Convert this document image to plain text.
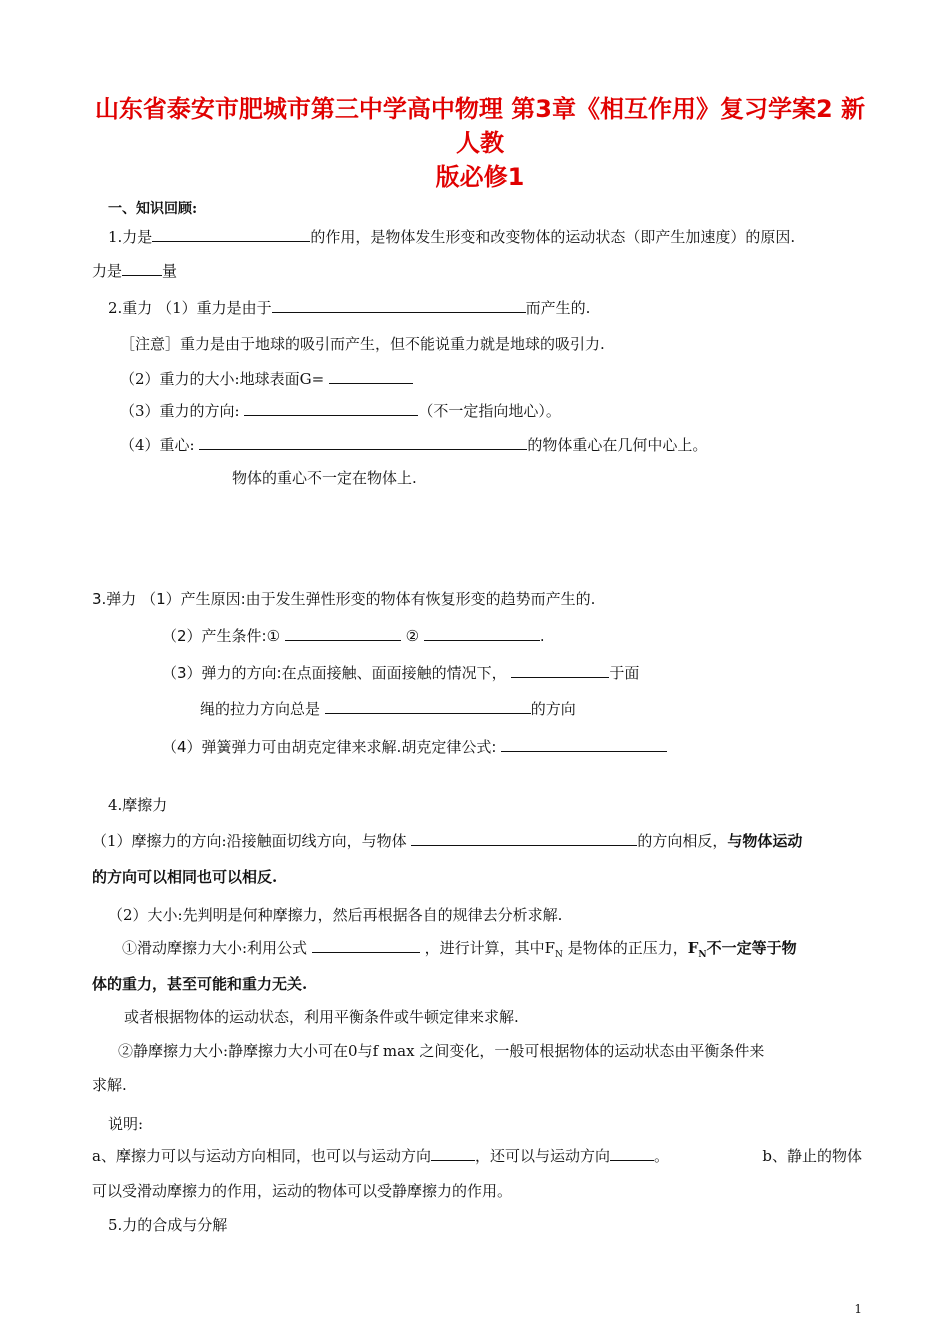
山东省泰安市肥城市第三中学高中物理 第3章《相互作用》复习学案2 新人教
版必修1
一、知识回顾:
1.力是	的作用，是物体发生形变和改变物体的运动状态（即产生加速度）的原因.
力是	量
2.重力 （1）重力是由于	而产生的.
［注意］重力是由于地球的吸引而产生，但不能说重力就是地球的吸引力.
（2）重力的大小:地球表面G=
（3）重力的方向:	（不一定指向地心）。
（4）重心:	的物体重心在几何中心上。
物体的重心不一定在物体上.
3.弹力 （1）产生原因:由于发生弹性形变的物体有恢复形变的趋势而产生的.
（2）产生条件:①	②	.
（3）弹力的方向:在点面接触、面面接触的情况下，	于面
绳的拉力方向总是	的方向
（4）弹簧弹力可由胡克定律来求解.胡克定律公式:
4.摩擦力
（1）摩擦力的方向:沿接触面切线方向，与物体	的方向相反，与物体运动
的方向可以相同也可以相反.
（2）大小:先判明是何种摩擦力，然后再根据各自的规律去分析求解.
①滑动摩擦力大小:利用公式	，进行计算，其中$F_N$ 是物体的正压力，$F_N$不一定等于物
体的重力，甚至可能和重力无关.
或者根据物体的运动状态，利用平衡条件或牛顿定律来求解.
②静摩擦力大小:静摩擦力大小可在0与f max 之间变化，一般可根据物体的运动状态由平衡条件来
求解.
说明:
a、摩擦力可以与运动方向相同，也可以与运动方向	，还可以与运动方向	。	b、静止的物体
可以受滑动摩擦力的作用，运动的物体可以受静摩擦力的作用。
5.力的合成与分解
1
